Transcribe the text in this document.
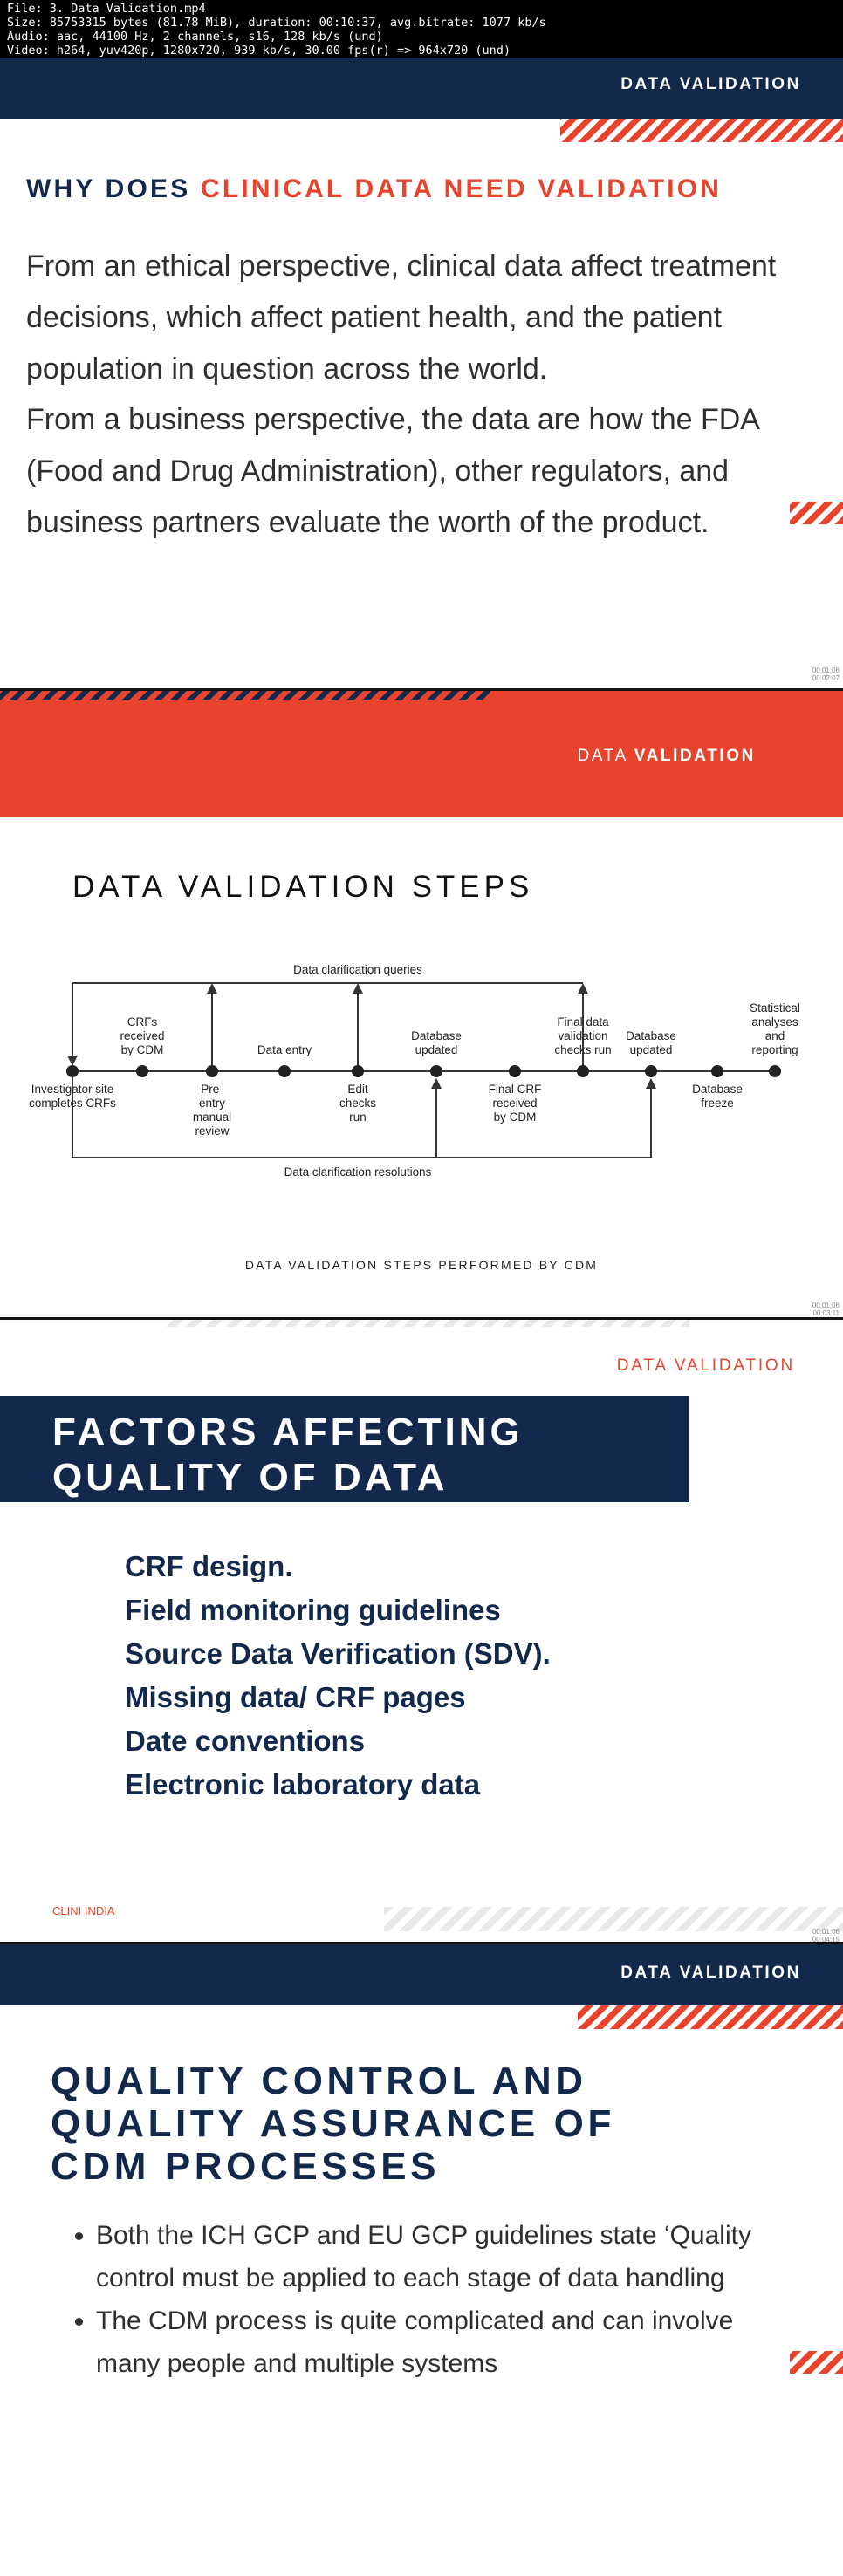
File: 3. Data Validation.mp4
Size: 85753315 bytes (81.78 MiB), duration: 00:10:37, avg.bitrate: 1077 kb/s
Audio: aac, 44100 Hz, 2 channels, s16, 128 kb/s (und)
Video: h264, yuv420p, 1280x720, 939 kb/s, 30.00 fps(r) => 964x720 (und)
DATA VALIDATION
WHY DOES CLINICAL DATA NEED VALIDATION

From an ethical perspective, clinical data affect treatment decisions, which affect patient health, and the patient population in question across the world.

From a business perspective, the data are how the FDA (Food and Drug Administration), other regulators, and business partners evaluate the worth of the product.

00:01:06
00:02:07
DATA VALIDATION
DATA VALIDATION STEPS
Data clarification queries
Data clarification resolutions
CRFs received by CDM	Data entry
Database updated
Final data validation checks run
Database updated
Statistical analyses and reporting
Investigator site completes CRFs
Pre-entry manual review
Edit checks run
Final CRF received by CDM
Database freeze
DATA VALIDATION STEPS PERFORMED BY CDM
00:01:06
00:03:11
DATA VALIDATION
FACTORS AFFECTING
QUALITY OF DATA
CRF design.
Field monitoring guidelines
Source Data Verification (SDV).
Missing data/ CRF pages
Date conventions
Electronic laboratory data
CLINI INDIA
00:01:06
00:04:15
DATA VALIDATION
QUALITY CONTROL AND
QUALITY ASSURANCE OF
CDM PROCESSES
• Both the ICH GCP and EU GCP guidelines state ‘Quality control must be applied to each stage of data handling
• The CDM process is quite complicated and can involve many people and multiple systems
